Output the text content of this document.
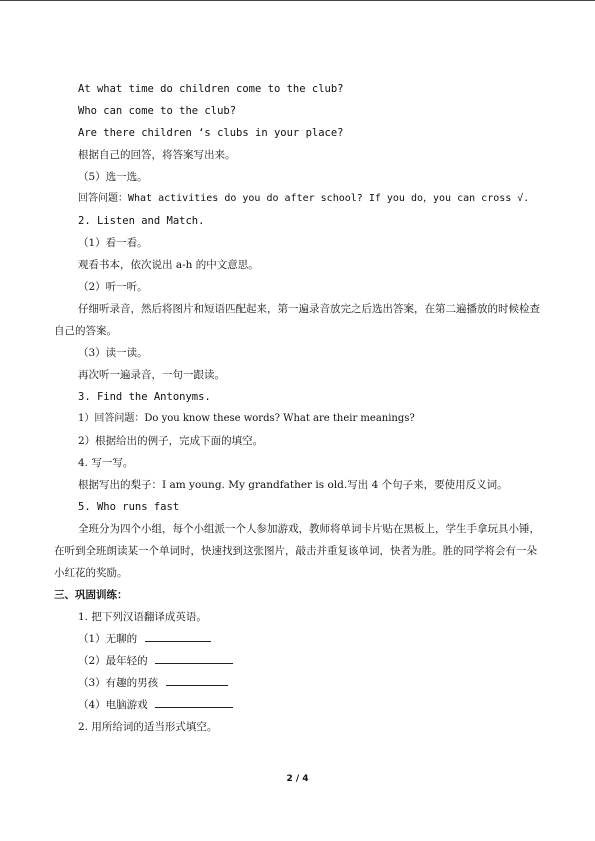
At what time do children come to the club?
Who can come to the club?
Are there children ‘s clubs in your place?
根据自己的回答，将答案写出来。
（5）选一选。
回答问题：What activities do you do after school? If you do，you can cross √.
2. Listen and Match.
（1）看一看。
观看书本，依次说出 a-h 的中文意思。
（2）听一听。
仔细听录音，然后将图片和短语匹配起来，第一遍录音放完之后选出答案，在第二遍播放的时候检查自己的答案。
（3）读一读。
再次听一遍录音，一句一跟读。
3. Find the Antonyms.
1）回答问题：Do you know these words? What are their meanings?
2）根据给出的例子，完成下面的填空。
4. 写一写。
根据写出的梨子：I am young. My grandfather is old.写出 4 个句子来，要使用反义词。
5. Who runs fast
全班分为四个小组，每个小组派一个人参加游戏，教师将单词卡片贴在黑板上，学生手拿玩具小锤，在听到全班朗读某一个单词时，快速找到这张图片，敲击并重复该单词，快者为胜。胜的同学将会有一朵小红花的奖励。
三、巩固训练：
1. 把下列汉语翻译成英语。
（1）无聊的
（2）最年轻的
（3）有趣的男孩
（4）电脑游戏
2. 用所给词的适当形式填空。
2 / 4
